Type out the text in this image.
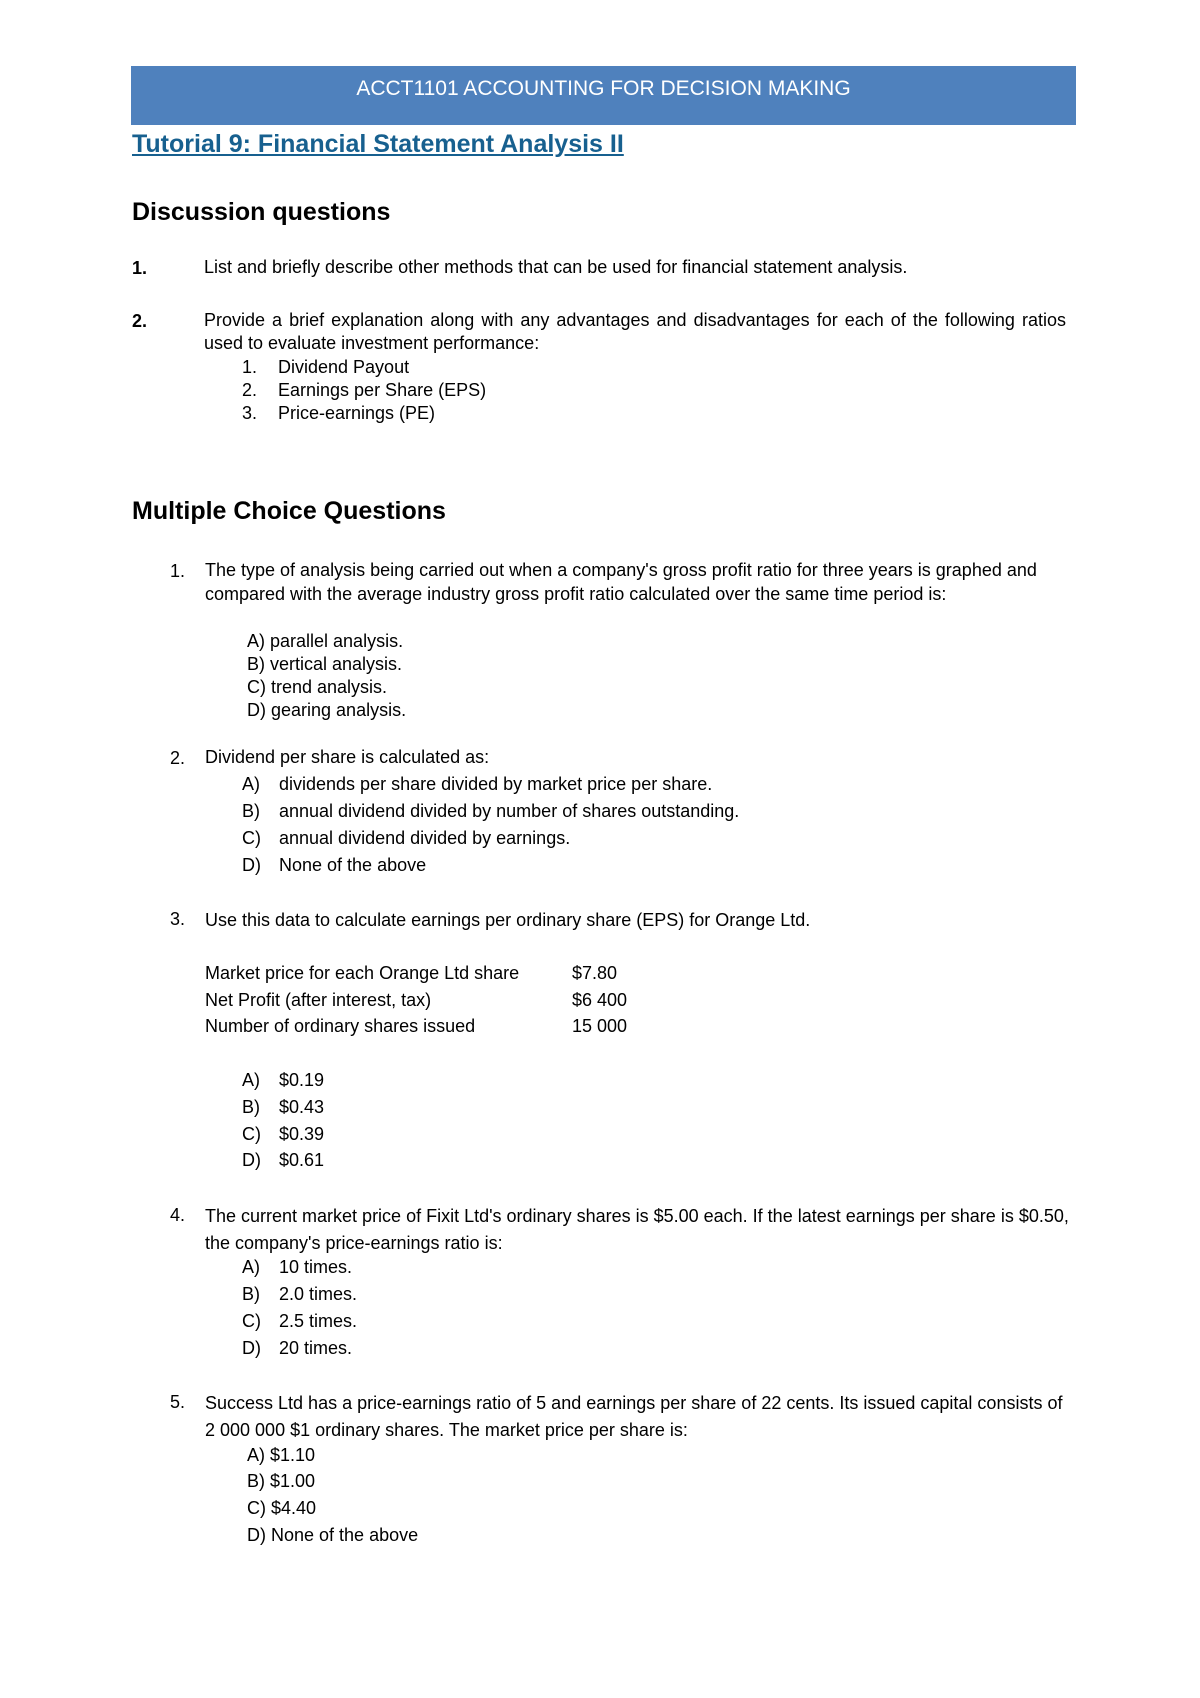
ACCT1101 ACCOUNTING FOR DECISION MAKING
Tutorial 9: Financial Statement Analysis II
Discussion questions
1.	List and briefly describe other methods that can be used for financial statement analysis.
2.	Provide a brief explanation along with any advantages and disadvantages for each of the following ratios used to evaluate investment performance:
1. Dividend Payout
2. Earnings per Share (EPS)
3. Price-earnings (PE)
Multiple Choice Questions
1. The type of analysis being carried out when a company's gross profit ratio for three years is graphed and compared with the average industry gross profit ratio calculated over the same time period is:
A) parallel analysis.
B) vertical analysis.
C) trend analysis.
D) gearing analysis.
2. Dividend per share is calculated as:
A) dividends per share divided by market price per share.
B) annual dividend divided by number of shares outstanding.
C) annual dividend divided by earnings.
D) None of the above
3. Use this data to calculate earnings per ordinary share (EPS) for Orange Ltd.
Market price for each Orange Ltd share	$7.80
Net Profit (after interest, tax)	$6 400
Number of ordinary shares issued	15 000
A) $0.19
B) $0.43
C) $0.39
D) $0.61
4. The current market price of Fixit Ltd's ordinary shares is $5.00 each. If the latest earnings per share is $0.50, the company's price-earnings ratio is:
A) 10 times.
B) 2.0 times.
C) 2.5 times.
D) 20 times.
5. Success Ltd has a price-earnings ratio of 5 and earnings per share of 22 cents. Its issued capital consists of 2 000 000 $1 ordinary shares. The market price per share is:
A) $1.10
B) $1.00
C) $4.40
D) None of the above
